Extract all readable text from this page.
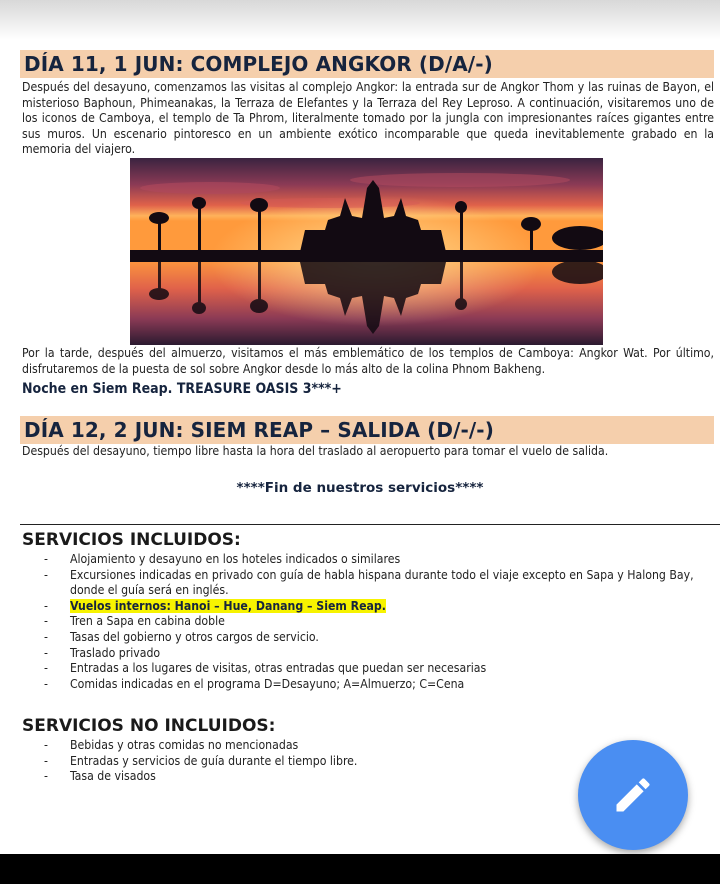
DÍA 11, 1 JUN: COMPLEJO ANGKOR (D/A/-)
Después del desayuno, comenzamos las visitas al complejo Angkor: la entrada sur de Angkor Thom y las ruinas de Bayon, el misterioso Baphoun, Phimeanakas, la Terraza de Elefantes y la Terraza del Rey Leproso. A continuación, visitaremos uno de los iconos de Camboya, el templo de Ta Phrom, literalmente tomado por la jungla con impresionantes raíces gigantes entre sus muros. Un escenario pintoresco en un ambiente exótico incomparable que queda inevitablemente grabado en la memoria del viajero.
Por la tarde, después del almuerzo, visitamos el más emblemático de los templos de Camboya: Angkor Wat. Por último, disfrutaremos de la puesta de sol sobre Angkor desde lo más alto de la colina Phnom Bakheng.
Noche en Siem Reap. TREASURE OASIS 3***+
DÍA 12, 2 JUN: SIEM REAP – SALIDA (D/-/-)
Después del desayuno, tiempo libre hasta la hora del traslado al aeropuerto para tomar el vuelo de salida.
****Fin de nuestros servicios****
SERVICIOS INCLUIDOS:
- Alojamiento y desayuno en los hoteles indicados o similares
- Excursiones indicadas en privado con guía de habla hispana durante todo el viaje excepto en Sapa y Halong Bay, donde el guía será en inglés.
- Vuelos internos: Hanoi – Hue, Danang – Siem Reap.
- Tren a Sapa en cabina doble
- Tasas del gobierno y otros cargos de servicio.
- Traslado privado
- Entradas a los lugares de visitas, otras entradas que puedan ser necesarias
- Comidas indicadas en el programa D=Desayuno; A=Almuerzo; C=Cena
SERVICIOS NO INCLUIDOS:
- Bebidas y otras comidas no mencionadas
- Entradas y servicios de guía durante el tiempo libre.
- Tasa de visados
